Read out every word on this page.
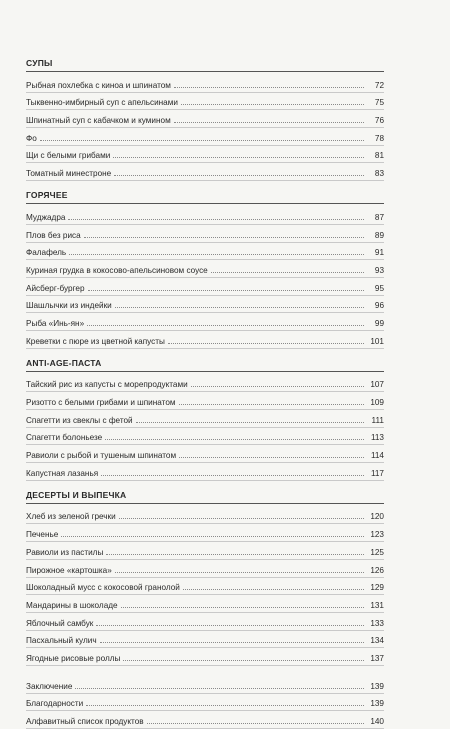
СУПЫ
Рыбная похлебка с киноа и шпинатом	72
Тыквенно-имбирный суп с апельсинами	75
Шпинатный суп с кабачком и кумином	76
Фо	78
Щи с белыми грибами	81
Томатный минестроне	83
ГОРЯЧЕЕ
Муджадра	87
Плов без риса	89
Фалафель	91
Куриная грудка в кокосово-апельсиновом соусе	93
Айсберг-бургер	95
Шашлычки из индейки	96
Рыба «Инь-ян»	99
Креветки с пюре из цветной капусты	101
ANTI-AGE-ПАСТА
Тайский рис из капусты с морепродуктами	107
Ризотто с белыми грибами и шпинатом	109
Спагетти из свеклы с фетой	111
Спагетти болоньезе	113
Равиоли с рыбой и тушеным шпинатом	114
Капустная лазанья	117
ДЕСЕРТЫ И ВЫПЕЧКА
Хлеб из зеленой гречки	120
Печенье	123
Равиоли из пастилы	125
Пирожное «картошка»	126
Шоколадный мусс с кокосовой гранолой	129
Мандарины в шоколаде	131
Яблочный самбук	133
Пасхальный кулич	134
Ягодные рисовые роллы	137
Заключение	139
Благодарности	139
Алфавитный список продуктов	140
